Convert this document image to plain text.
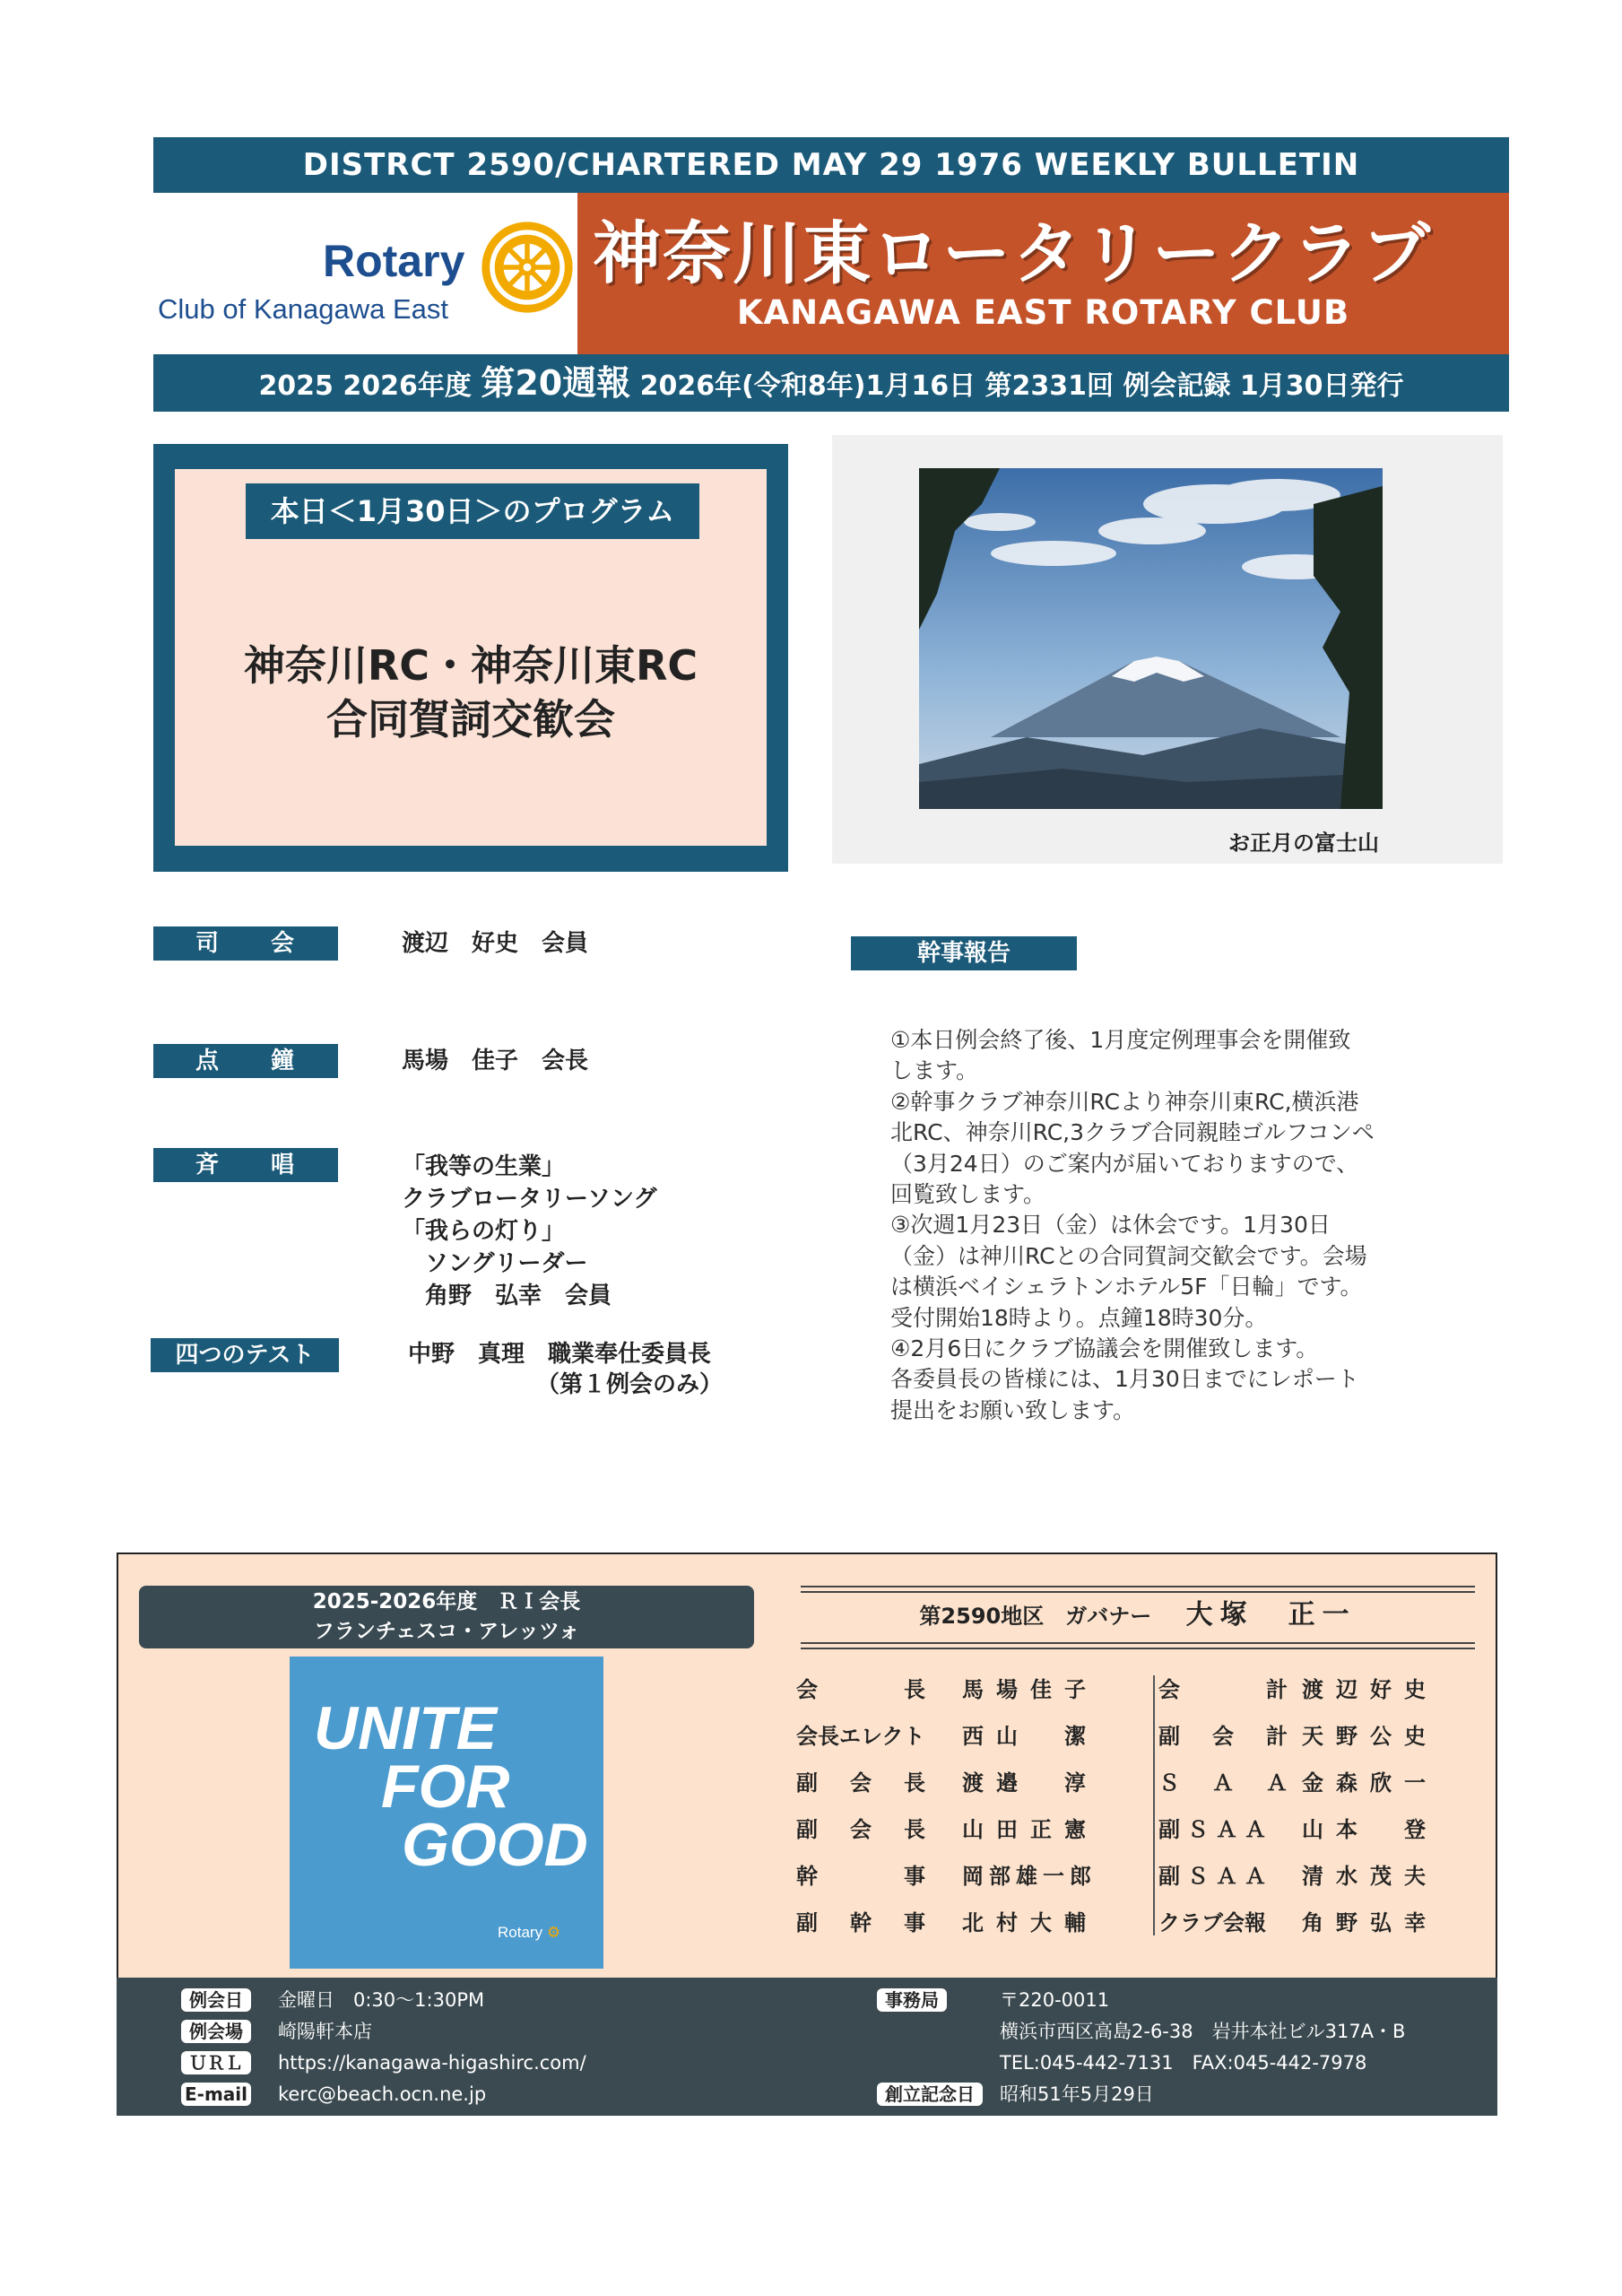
DISTRCT 2590/CHARTERED MAY 29 1976 WEEKLY BULLETIN
Rotary
Club of Kanagawa East
神奈川東ロータリークラブ
KANAGAWA EAST ROTARY CLUB
2025 2026年度 第20週報 2026年(令和8年)1月16日 第2331回 例会記録 1月30日発行
本日＜1月30日＞のプログラム
神奈川RC・神奈川東RC
合同賀詞交歓会
お正月の富士山
司　　会	渡辺　好史　会員
点　　鐘	馬場　佳子　会長
斉　　唱	「我等の生業」
クラブロータリーソング
「我らの灯り」
　ソングリーダー
　角野　弘幸　会員
四つのテスト	中野　真理　職業奉仕委員長
　　　　　　（第１例会のみ）
幹事報告

①本日例会終了後、1月度定例理事会を開催致

します。

②幹事クラブ神奈川RCより神奈川東RC,横浜港

北RC、神奈川RC,3クラブ合同親睦ゴルフコンペ

（3月24日）のご案内が届いておりますので、

回覧致します。

③次週1月23日（金）は休会です。1月30日

（金）は神川RCとの合同賀詞交歓会です。会場

は横浜ベイシェラトンホテル5F「日輪」です。

受付開始18時より。点鐘18時30分。

④2月6日にクラブ協議会を開催致します。

各委員長の皆様には、1月30日までにレポート

提出をお願い致します。

2025-2026年度　ＲＩ会長
フランチェスコ・アレッツォ
UNITE
FOR
GOOD
Rotary ⚙
第2590地区　ガバナー 大塚　正一
会　　　長	馬場佳子
会長エレクト	西山　潔
副　会　長	渡邉　淳
副　会　長	山田正憲
幹　　　事	岡部雄一郎
副　幹　事	北村大輔
会　　　計 渡辺好史
副　会　計 天野公史
Ｓ　Ａ　Ａ 金森欣一
副ＳＡＡ	山本　登
副ＳＡＡ	清水茂夫
クラブ会報	角野弘幸
例会日	金曜日　0:30～1:30PM
例会場	崎陽軒本店
ＵＲＬ	https://kanagawa-higashirc.com/
E-mail kerc@beach.ocn.ne.jp
事務局	〒220-0011
横浜市西区高島2-6-38　岩井本社ビル317A・B
TEL:045-442-7131　FAX:045-442-7978
創立記念日	昭和51年5月29日
